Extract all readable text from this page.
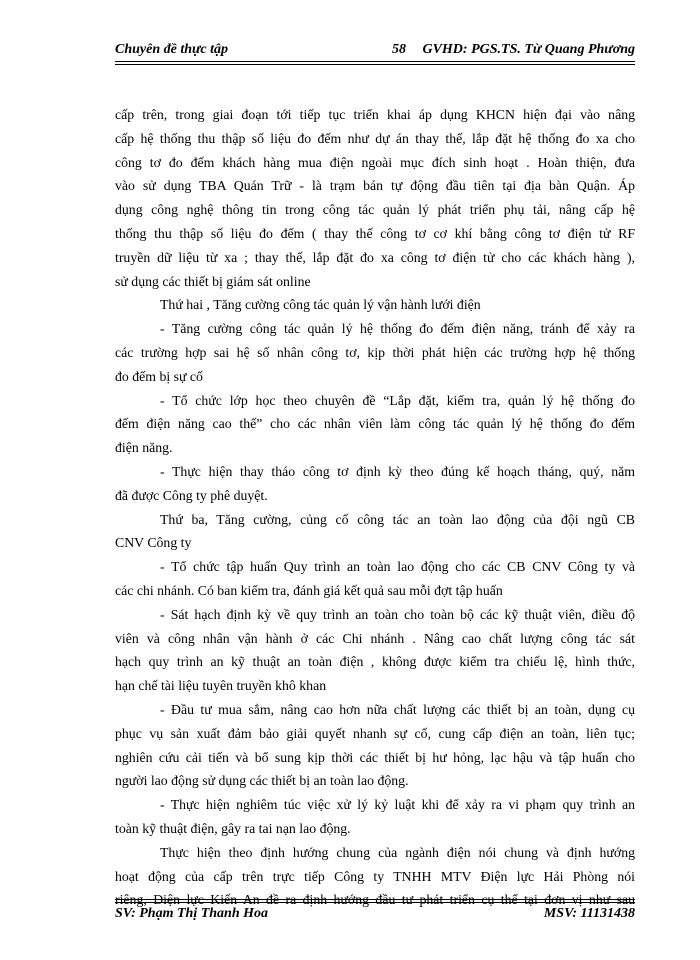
Chuyên đề thực tập	58 GVHD: PGS.TS. Từ Quang Phương
cấp trên, trong giai đoạn tới tiếp tục triển khai áp dụng KHCN hiện đại vào nâng
cấp hệ thống thu thập số liệu đo đếm như dự án thay thế, lắp đặt hệ thống đo xa cho
công tơ đo đếm khách hàng mua điện ngoài mục đích sinh hoạt . Hoàn thiện, đưa
vào sử dụng TBA Quán Trữ - là trạm bán tự động đầu tiên tại địa bàn Quận. Áp
dụng công nghệ thông tin trong công tác quản lý phát triển phụ tải, nâng cấp hệ
thống thu thập số liệu đo đếm ( thay thế công tơ cơ khí bằng công tơ điện tử RF
truyền dữ liệu từ xa ; thay thế, lắp đặt đo xa công tơ điện tử cho các khách hàng ),
sử dụng các thiết bị giám sát online
Thứ hai , Tăng cường công tác quản lý vận hành lưới điện
- Tăng cường công tác quản lý hệ thống đo đếm điện năng, tránh để xảy ra
các trường hợp sai hệ số nhân công tơ, kịp thời phát hiện các trường hợp hệ thống
đo đếm bị sự cố
- Tổ chức lớp học theo chuyên đề “Lắp đặt, kiểm tra, quản lý hệ thống đo
đếm điện năng cao thế” cho các nhân viên làm công tác quản lý hệ thống đo đếm
điện năng.
- Thực hiện thay tháo công tơ định kỳ theo đúng kế hoạch tháng, quý, năm
đã được Công ty phê duyệt.
Thứ ba, Tăng cường, củng cố công tác an toàn lao động của đội ngũ CB
CNV Công ty
- Tổ chức tập huấn Quy trình an toàn lao động cho các CB CNV Công ty và
các chi nhánh. Có ban kiểm tra, đánh giá kết quả sau mỗi đợt tập huấn
- Sát hạch định kỳ về quy trình an toàn cho toàn bộ các kỹ thuật viên, điều độ
viên và công nhân vận hành ở các Chi nhánh . Nâng cao chất lượng công tác sát
hạch quy trình an kỹ thuật an toàn điện , không được kiểm tra chiếu lệ, hình thức,
hạn chế tài liệu tuyên truyền khô khan
- Đầu tư mua sắm, nâng cao hơn nữa chất lượng các thiết bị an toàn, dụng cụ
phục vụ sản xuất đảm bảo giải quyết nhanh sự cố, cung cấp điện an toàn, liên tục;
nghiên cứu cải tiến và bổ sung kịp thời các thiết bị hư hỏng, lạc hậu và tập huấn cho
người lao động sử dụng các thiết bị an toàn lao động.
- Thực hiện nghiêm túc việc xử lý kỷ luật khi để xảy ra vi phạm quy trình an
toàn kỹ thuật điện, gây ra tai nạn lao động.
Thực hiện theo định hướng chung của ngành điện nói chung và định hướng
hoạt động của cấp trên trực tiếp Công ty TNHH MTV Điện lực Hải Phòng nói
riêng, Điện lực Kiến An đề ra định hướng đầu tư phát triển cụ thể tại đơn vị như sau
SV: Phạm Thị Thanh Hoa	MSV: 11131438
